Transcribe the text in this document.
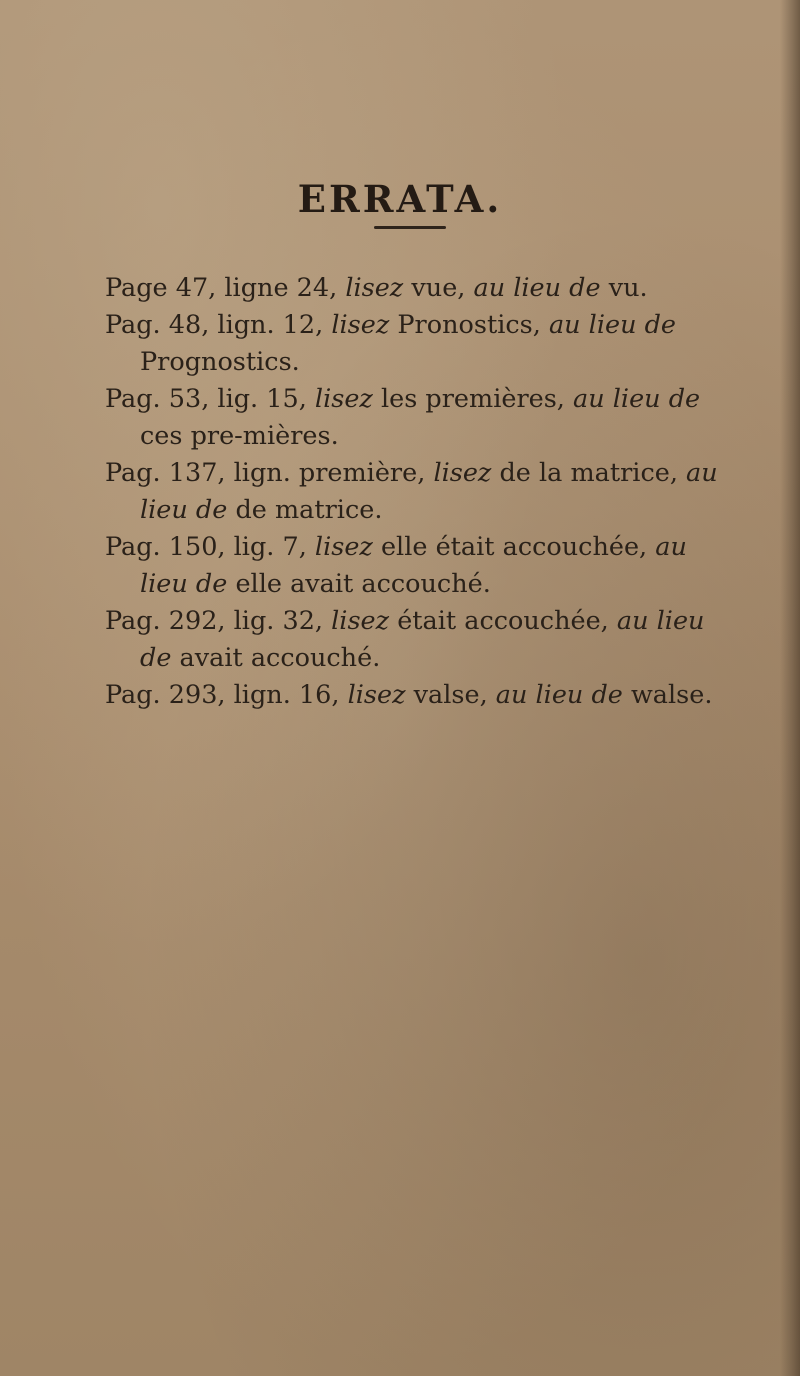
ERRATA.

Page 47, ligne 24, lisez vue, au lieu de vu.

Pag. 48, lign. 12, lisez Pronostics, au lieu de Prognostics.

Pag. 53, lig. 15, lisez les premières, au lieu de ces pre-mières.

Pag. 137, lign. première, lisez de la matrice, au lieu de de matrice.

Pag. 150, lig. 7, lisez elle était accouchée, au lieu de elle avait accouché.

Pag. 292, lig. 32, lisez était accouchée, au lieu de avait accouché.

Pag. 293, lign. 16, lisez valse, au lieu de walse.
